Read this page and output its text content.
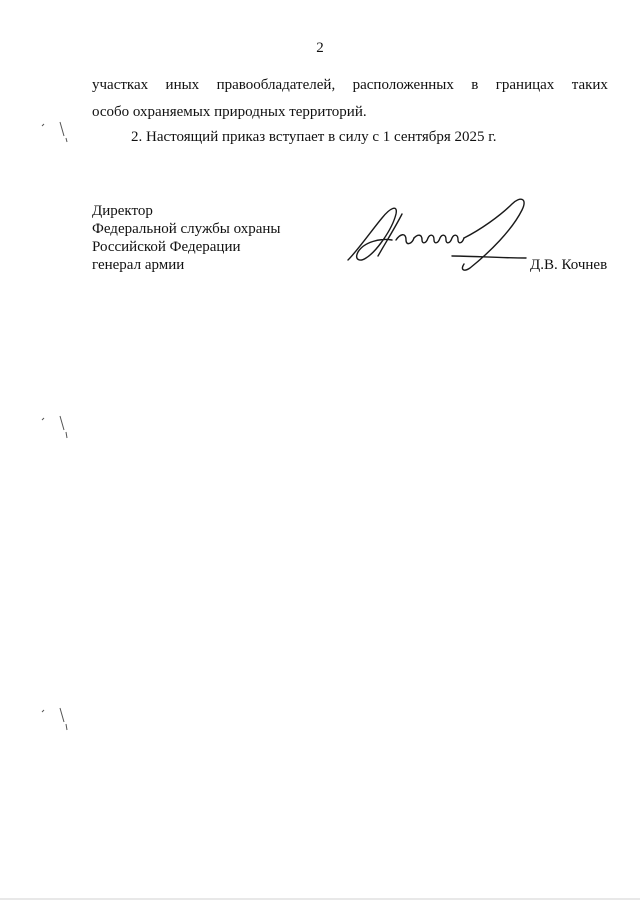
2
участках иных правообладателей, расположенных в границах таких
особо охраняемых природных территорий.
2. Настоящий приказ вступает в силу с 1 сентября 2025 г.
Директор
Федеральной службы охраны
Российской Федерации
генерал армии	Д.В. Кочнев
